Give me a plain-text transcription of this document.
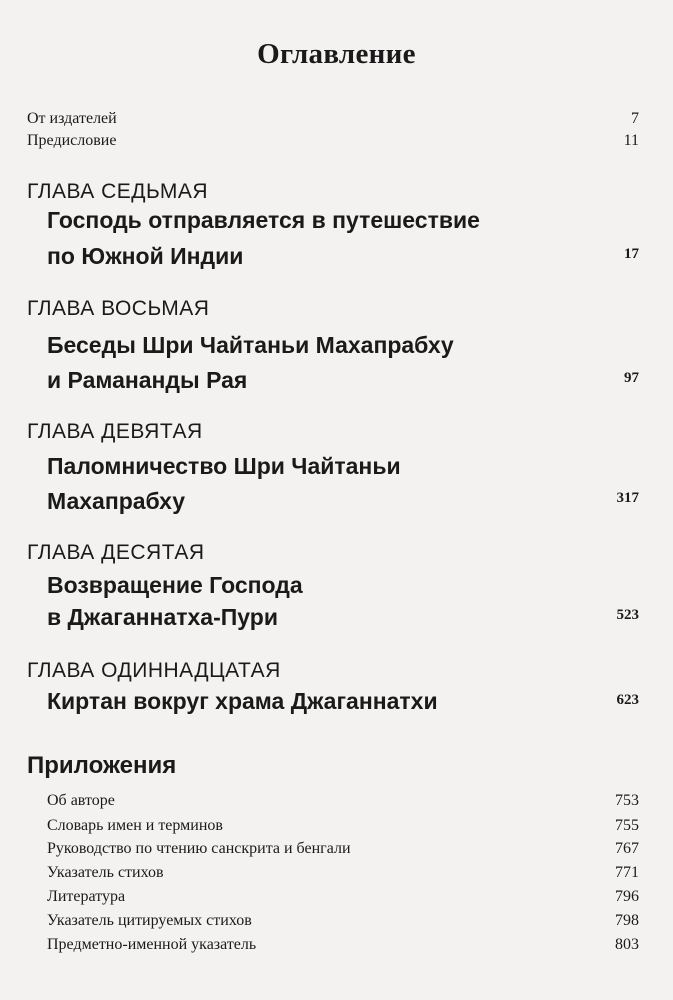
Оглавление
От издателей	7
Предисловие	11
ГЛАВА СЕДЬМАЯ
Господь отправляется в путешествие
по Южной Индии	17
ГЛАВА ВОСЬМАЯ
Беседы Шри Чайтаньи Махапрабху
и Рамананды Рая	97
ГЛАВА ДЕВЯТАЯ
Паломничество Шри Чайтаньи
Махапрабху	317
ГЛАВА ДЕСЯТАЯ
Возвращение Господа
в Джаганнатха-Пури	523
ГЛАВА ОДИННАДЦАТАЯ
Киртан вокруг храма Джаганнатхи	623
Приложения
Об авторе	753
Словарь имен и терминов	755
Руководство по чтению санскрита и бенгали	767
Указатель стихов	771
Литература	796
Указатель цитируемых стихов	798
Предметно-именной указатель	803
